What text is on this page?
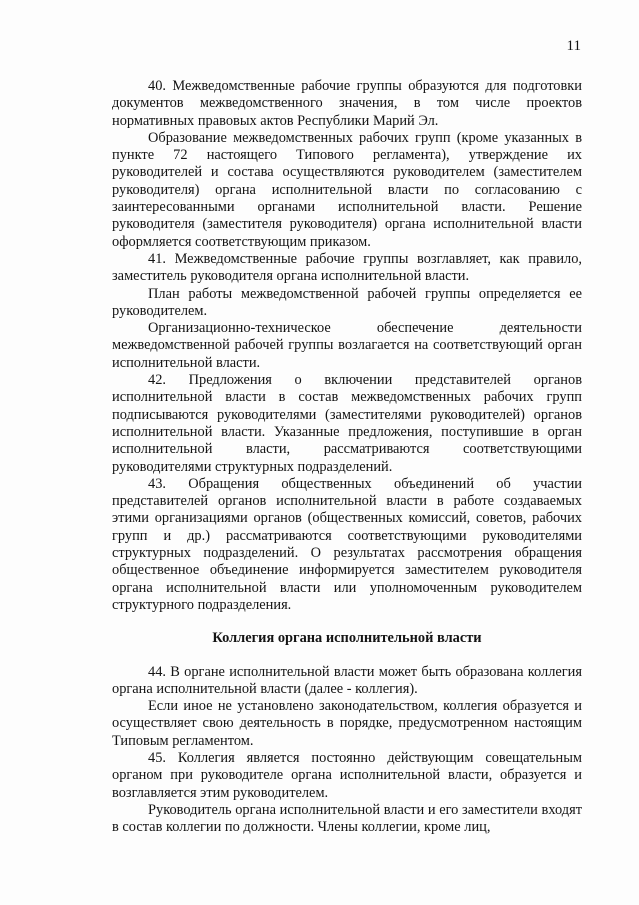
11

40. Межведомственные рабочие группы образуются для подготовки документов межведомственного значения, в том числе проектов нормативных правовых актов Республики Марий Эл.

Образование межведомственных рабочих групп (кроме указанных в пункте 72 настоящего Типового регламента), утверждение их руководителей и состава осуществляются руководителем (заместителем руководителя) органа исполнительной власти по согласованию с заинтересованными органами исполнительной власти. Решение руководителя (заместителя руководителя) органа исполнительной власти оформляется соответствующим приказом.

41. Межведомственные рабочие группы возглавляет, как правило, заместитель руководителя органа исполнительной власти.

План работы межведомственной рабочей группы определяется ее руководителем.

Организационно-техническое обеспечение деятельности межведомственной рабочей группы возлагается на соответствующий орган исполнительной власти.

42. Предложения о включении представителей органов исполнительной власти в состав межведомственных рабочих групп подписываются руководителями (заместителями руководителей) органов исполнительной власти. Указанные предложения, поступившие в орган исполнительной власти, рассматриваются соответствующими руководителями структурных подразделений.

43. Обращения общественных объединений об участии представителей органов исполнительной власти в работе создаваемых этими организациями органов (общественных комиссий, советов, рабочих групп и др.) рассматриваются соответствующими руководителями структурных подразделений. О результатах рассмотрения обращения общественное объединение информируется заместителем руководителя органа исполнительной власти или уполномоченным руководителем структурного подразделения.

Коллегия органа исполнительной власти

44. В органе исполнительной власти может быть образована коллегия органа исполнительной власти (далее - коллегия).

Если иное не установлено законодательством, коллегия образуется и осуществляет свою деятельность в порядке, предусмотренном настоящим Типовым регламентом.

45. Коллегия является постоянно действующим совещательным органом при руководителе органа исполнительной власти, образуется и возглавляется этим руководителем.

Руководитель органа исполнительной власти и его заместители входят в состав коллегии по должности. Члены коллегии, кроме лиц,
